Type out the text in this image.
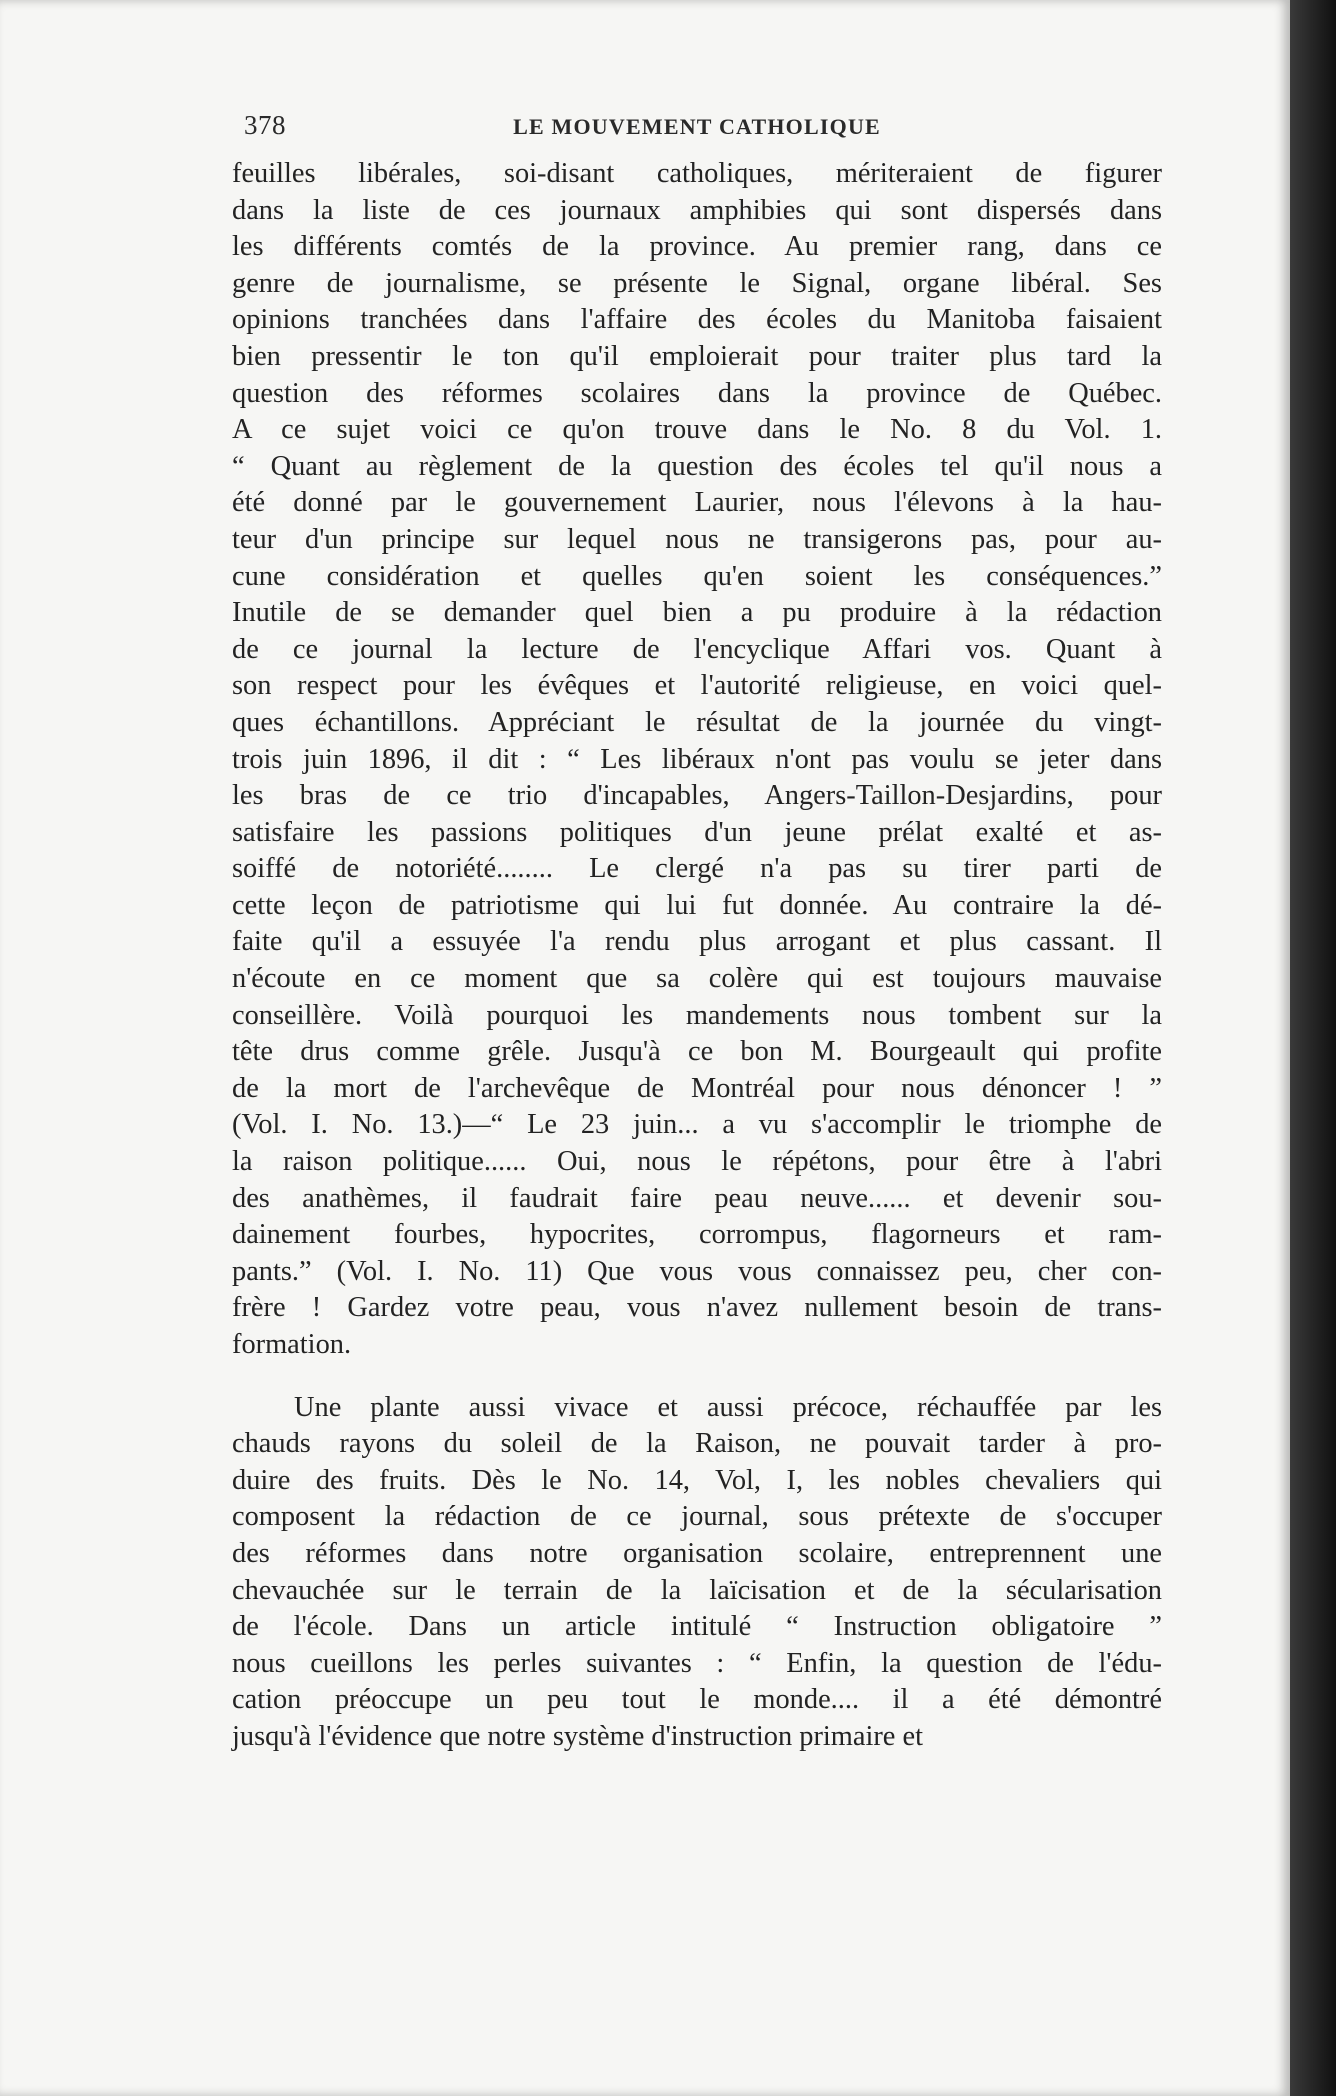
378	LE MOUVEMENT CATHOLIQUE

feuilles libérales, soi-disant catholiques, mériteraient de figurer
dans la liste de ces journaux amphibies qui sont dispersés dans
les différents comtés de la province. Au premier rang, dans ce
genre de journalisme, se présente le Signal, organe libéral. Ses
opinions tranchées dans l'affaire des écoles du Manitoba faisaient
bien pressentir le ton qu'il emploierait pour traiter plus tard la
question des réformes scolaires dans la province de Québec.
A ce sujet voici ce qu'on trouve dans le No. 8 du Vol. 1.
“ Quant au règlement de la question des écoles tel qu'il nous a
été donné par le gouvernement Laurier, nous l'élevons à la hau-
teur d'un principe sur lequel nous ne transigerons pas, pour au-
cune considération et quelles qu'en soient les conséquences.”
Inutile de se demander quel bien a pu produire à la rédaction
de ce journal la lecture de l'encyclique Affari vos. Quant à
son respect pour les évêques et l'autorité religieuse, en voici quel-
ques échantillons. Appréciant le résultat de la journée du vingt-
trois juin 1896, il dit : “ Les libéraux n'ont pas voulu se jeter dans
les bras de ce trio d'incapables, Angers-Taillon-Desjardins, pour
satisfaire les passions politiques d'un jeune prélat exalté et as-
soiffé de notoriété........ Le clergé n'a pas su tirer parti de
cette leçon de patriotisme qui lui fut donnée. Au contraire la dé-
faite qu'il a essuyée l'a rendu plus arrogant et plus cassant. Il
n'écoute en ce moment que sa colère qui est toujours mauvaise
conseillère. Voilà pourquoi les mandements nous tombent sur la
tête drus comme grêle. Jusqu'à ce bon M. Bourgeault qui profite
de la mort de l'archevêque de Montréal pour nous dénoncer ! ”
(Vol. I. No. 13.)—“ Le 23 juin... a vu s'accomplir le triomphe de
la raison politique...... Oui, nous le répétons, pour être à l'abri
des anathèmes, il faudrait faire peau neuve...... et devenir sou-
dainement fourbes, hypocrites, corrompus, flagorneurs et ram-
pants.” (Vol. I. No. 11) Que vous vous connaissez peu, cher con-
frère ! Gardez votre peau, vous n'avez nullement besoin de trans-
formation.

Une plante aussi vivace et aussi précoce, réchauffée par les
chauds rayons du soleil de la Raison, ne pouvait tarder à pro-
duire des fruits. Dès le No. 14, Vol, I, les nobles chevaliers qui
composent la rédaction de ce journal, sous prétexte de s'occuper
des réformes dans notre organisation scolaire, entreprennent une
chevauchée sur le terrain de la laïcisation et de la sécularisation
de l'école. Dans un article intitulé “ Instruction obligatoire ”
nous cueillons les perles suivantes : “ Enfin, la question de l'édu-
cation préoccupe un peu tout le monde.... il a été démontré
jusqu'à l'évidence que notre système d'instruction primaire et
